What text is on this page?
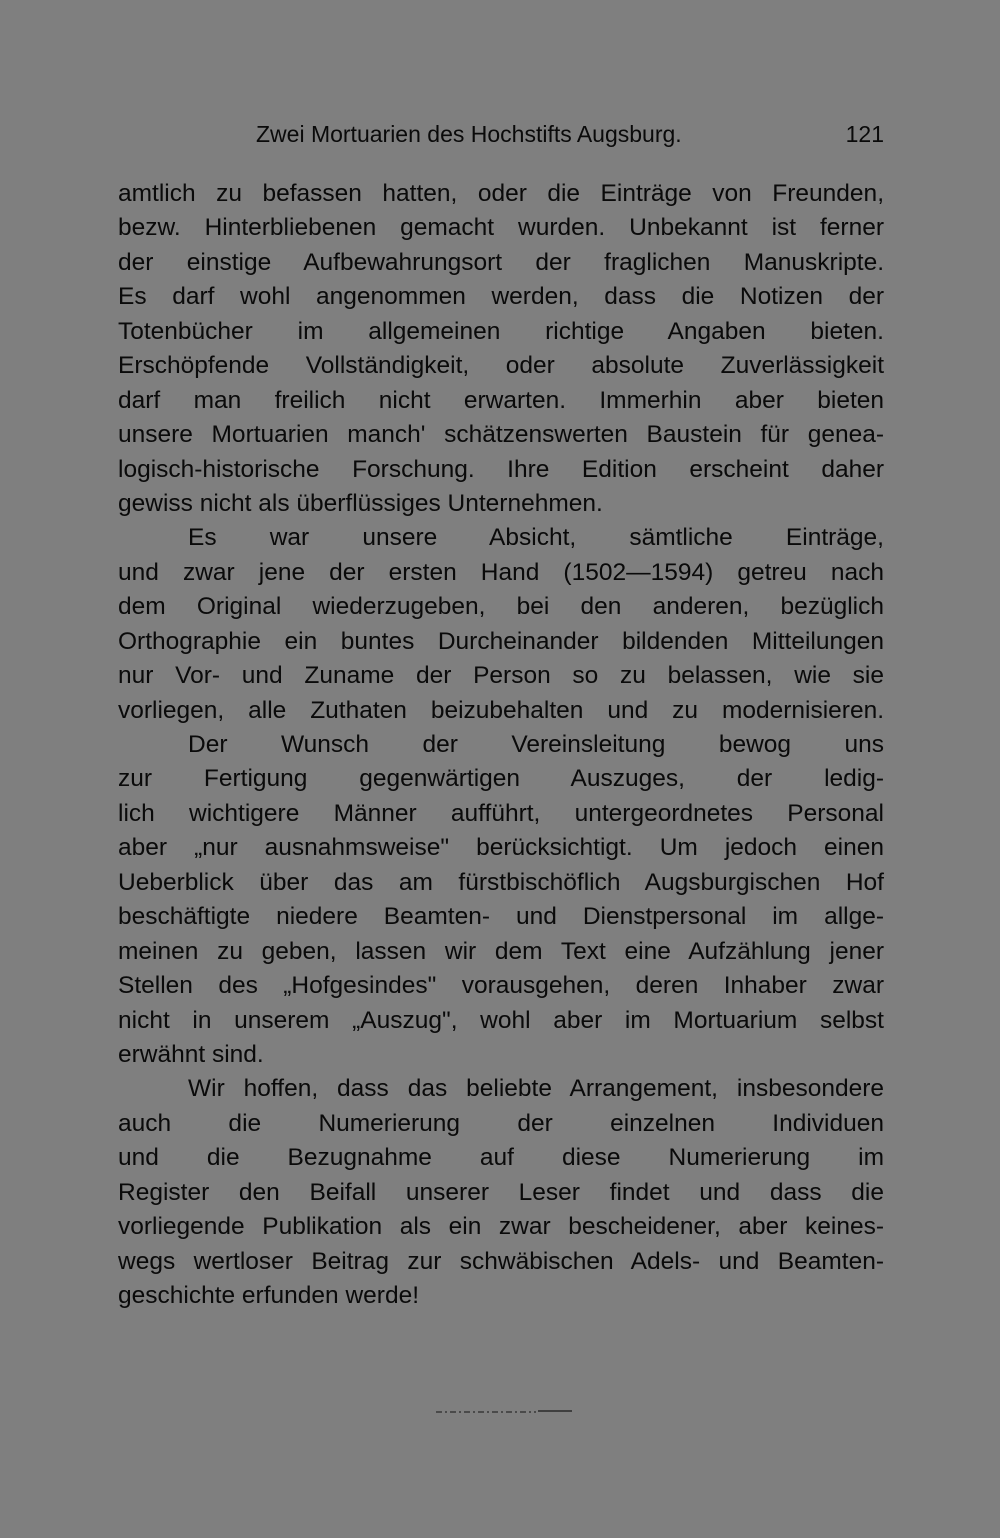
Zwei Mortuarien des Hochstifts Augsburg.	121
amtlich zu befassen hatten, oder die Einträge von Freunden,
bezw. Hinterbliebenen gemacht wurden. Unbekannt ist ferner
der einstige Aufbewahrungsort der fraglichen Manuskripte.
Es darf wohl angenommen werden, dass die Notizen der
Totenbücher im allgemeinen richtige Angaben bieten.
Erschöpfende Vollständigkeit, oder absolute Zuverlässigkeit
darf man freilich nicht erwarten. Immerhin aber bieten
unsere Mortuarien manch' schätzenswerten Baustein für genea-
logisch-historische Forschung. Ihre Edition erscheint daher
gewiss nicht als überflüssiges Unternehmen.
Es war unsere Absicht, sämtliche Einträge,
und zwar jene der ersten Hand (1502—1594) getreu nach
dem Original wiederzugeben, bei den anderen, bezüglich
Orthographie ein buntes Durcheinander bildenden Mitteilungen
nur Vor- und Zuname der Person so zu belassen, wie sie
vorliegen, alle Zuthaten beizubehalten und zu modernisieren.
Der Wunsch der Vereinsleitung bewog uns
zur Fertigung gegenwärtigen Auszuges, der ledig-
lich wichtigere Männer aufführt, untergeordnetes Personal
aber „nur ausnahmsweise" berücksichtigt. Um jedoch einen
Ueberblick über das am fürstbischöflich Augsburgischen Hof
beschäftigte niedere Beamten- und Dienstpersonal im allge-
meinen zu geben, lassen wir dem Text eine Aufzählung jener
Stellen des „Hofgesindes" vorausgehen, deren Inhaber zwar
nicht in unserem „Auszug", wohl aber im Mortuarium selbst
erwähnt sind.
Wir hoffen, dass das beliebte Arrangement, insbesondere
auch die Numerierung der einzelnen Individuen
und die Bezugnahme auf diese Numerierung im
Register den Beifall unserer Leser findet und dass die
vorliegende Publikation als ein zwar bescheidener, aber keines-
wegs wertloser Beitrag zur schwäbischen Adels- und Beamten-
geschichte erfunden werde!
